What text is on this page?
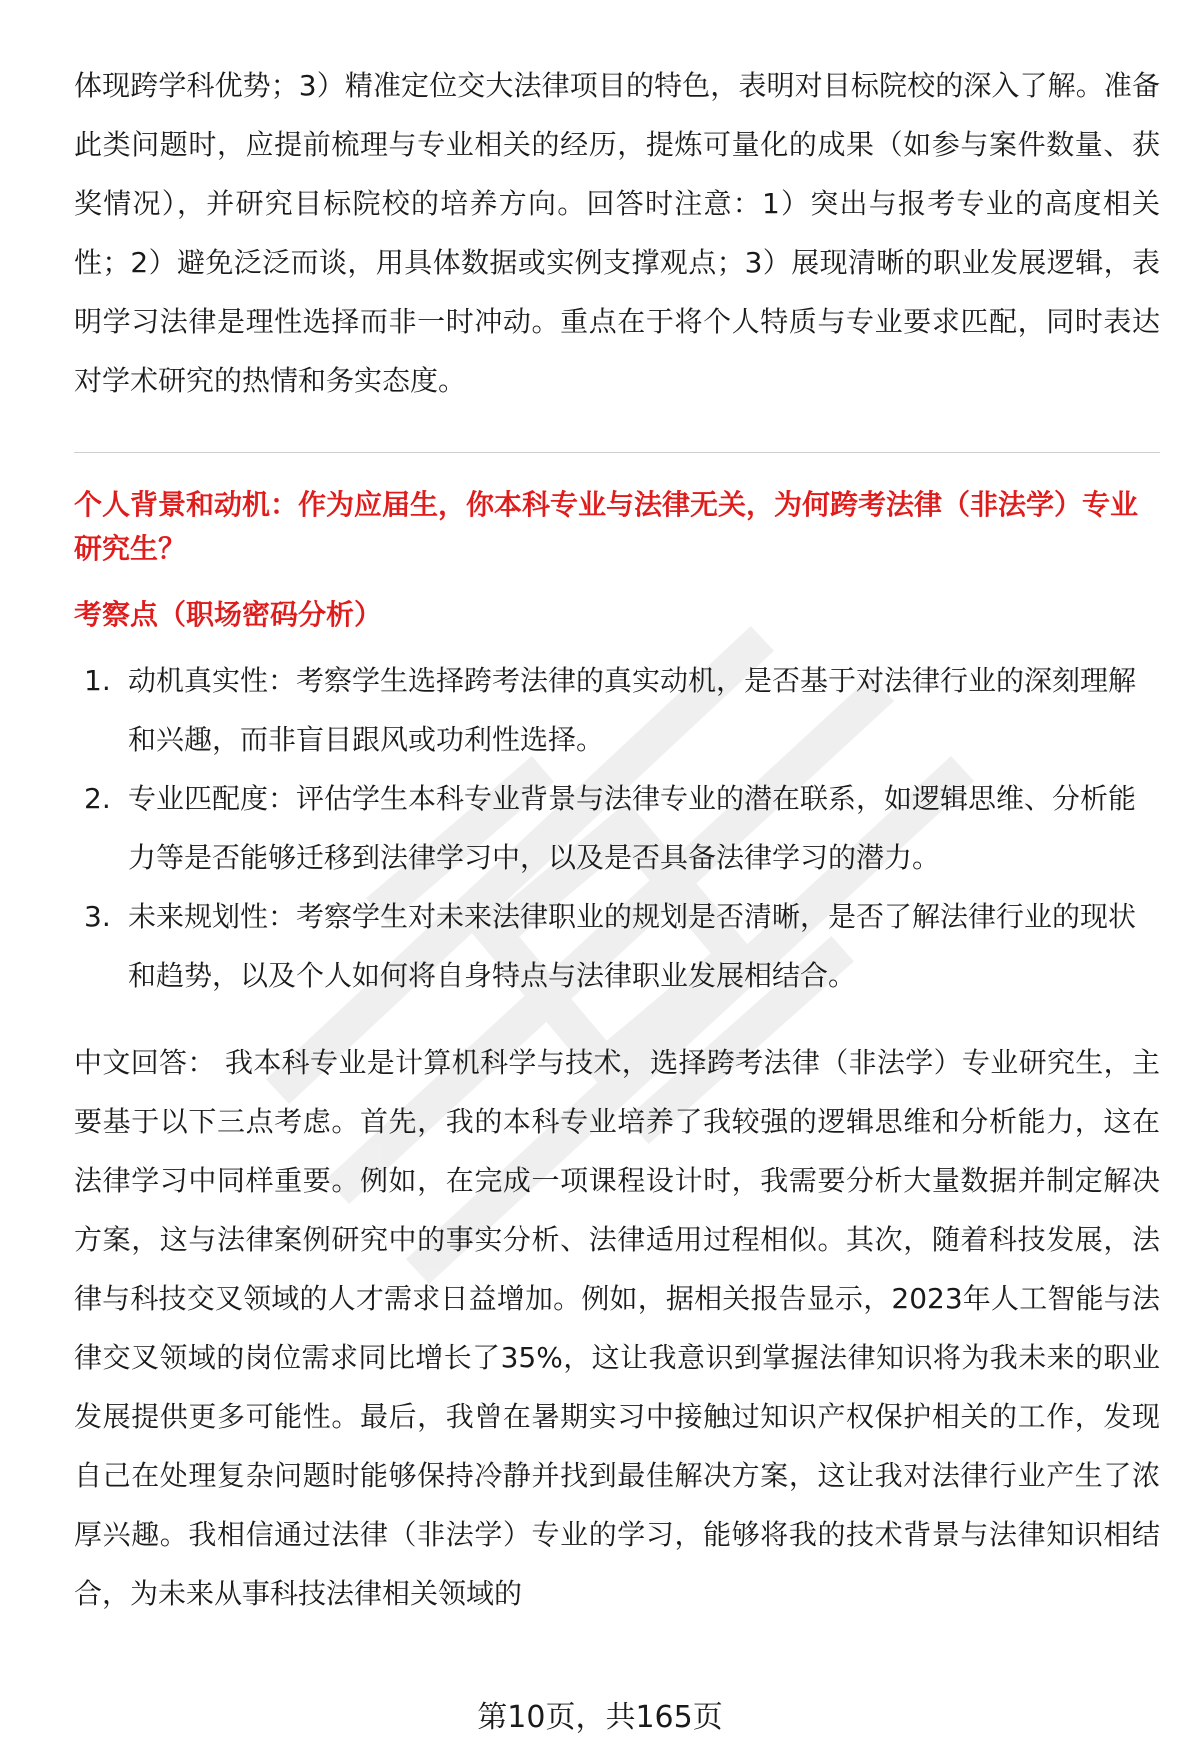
体现跨学科优势；3）精准定位交大法律项目的特色，表明对目标院校的深入了解。准备此类问题时，应提前梳理与专业相关的经历，提炼可量化的成果（如参与案件数量、获奖情况），并研究目标院校的培养方向。回答时注意：1）突出与报考专业的高度相关性；2）避免泛泛而谈，用具体数据或实例支撑观点；3）展现清晰的职业发展逻辑，表明学习法律是理性选择而非一时冲动。重点在于将个人特质与专业要求匹配，同时表达对学术研究的热情和务实态度。

个人背景和动机：作为应届生，你本科专业与法律无关，为何跨考法律（非法学）专业研究生？

考察点（职场密码分析）

1. 动机真实性：考察学生选择跨考法律的真实动机，是否基于对法律行业的深刻理解和兴趣，而非盲目跟风或功利性选择。
2. 专业匹配度：评估学生本科专业背景与法律专业的潜在联系，如逻辑思维、分析能力等是否能够迁移到法律学习中，以及是否具备法律学习的潜力。
3. 未来规划性：考察学生对未来法律职业的规划是否清晰，是否了解法律行业的现状和趋势，以及个人如何将自身特点与法律职业发展相结合。

中文回答： 我本科专业是计算机科学与技术，选择跨考法律（非法学）专业研究生，主要基于以下三点考虑。首先，我的本科专业培养了我较强的逻辑思维和分析能力，这在法律学习中同样重要。例如，在完成一项课程设计时，我需要分析大量数据并制定解决方案，这与法律案例研究中的事实分析、法律适用过程相似。其次，随着科技发展，法律与科技交叉领域的人才需求日益增加。例如，据相关报告显示，2023年人工智能与法律交叉领域的岗位需求同比增长了35%，这让我意识到掌握法律知识将为我未来的职业发展提供更多可能性。最后，我曾在暑期实习中接触过知识产权保护相关的工作，发现自己在处理复杂问题时能够保持冷静并找到最佳解决方案，这让我对法律行业产生了浓厚兴趣。我相信通过法律（非法学）专业的学习，能够将我的技术背景与法律知识相结合，为未来从事科技法律相关领域的

第10页，共165页
